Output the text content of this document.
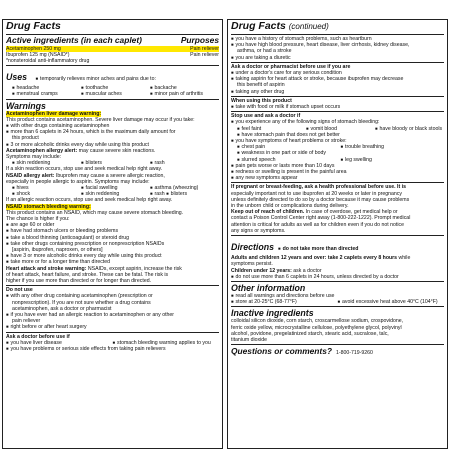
Drug Facts
Active ingredients (in each caplet)	Purposes
Acetaminophen 250 mg	Pain reliever
Ibuprofen 125 mg (NSAID*)	Pain reliever
*nonsteroidal anti-inflammatory drug
Uses ■ temporarily relieves minor aches and pains due to:
■ headache	■ toothache	■ backache
■ menstrual cramps	■ muscular aches	■ minor pain of arthritis
Warnings
Acetaminophen liver damage warning:
This product contains acetaminophen. Severe liver damage may occur if you take:
■ with other drugs containing acetaminophen
■ more than 6 caplets in 24 hours, which is the maximum daily amount for
this product
■ 3 or more alcoholic drinks every day while using this product
Acetaminophen allergy alert: may cause severe skin reactions.
Symptoms may include:
■ skin reddening	■ blisters	■ rash
If a skin reaction occurs, stop use and seek medical help right away.
NSAID allergy alert: Ibuprofen may cause a severe allergic reaction,
especially in people allergic to aspirin. Symptoms may include:
■ hives	■ facial swelling	■ asthma (wheezing)
■ shock	■ skin reddening	■ rash ■ blisters
If an allergic reaction occurs, stop use and seek medical help right away.
NSAID stomach bleeding warning:
This product contains an NSAID, which may cause severe stomach bleeding.
The chance is higher if you:
■ are age 60 or older
■ have had stomach ulcers or bleeding problems
■ take a blood thinning (anticoagulant) or steroid drug
■ take other drugs containing prescription or nonprescription NSAIDs
[aspirin, ibuprofen, naproxen, or others]
■ have 3 or more alcoholic drinks every day while using this product
■ take more or for a longer time than directed
Heart attack and stroke warning: NSAIDs, except aspirin, increase the risk
of heart attack, heart failure, and stroke. These can be fatal. The risk is
higher if you use more than directed or for longer than directed.
Do not use
■ with any other drug containing acetaminophen (prescription or
nonprescription). If you are not sure whether a drug contains
acetaminophen, ask a doctor or pharmacist
■ if you have ever had an allergic reaction to acetaminophen or any other
pain reliever
■ right before or after heart surgery
Ask a doctor before use if
■ you have liver disease	■ stomach bleeding warning applies to you
■ you have problems or serious side effects from taking pain relievers
Drug Facts (continued)
■ you have a history of stomach problems, such as heartburn
■ you have high blood pressure, heart disease, liver cirrhosis, kidney disease,
asthma, or had a stroke
■ you are taking a diuretic
Ask a doctor or pharmacist before use if you are
■ under a doctor's care for any serious condition
■ taking aspirin for heart attack or stroke, because ibuprofen may decrease
this benefit of aspirin
■ taking any other drug
When using this product
■ take with food or milk if stomach upset occurs
Stop use and ask a doctor if
■ you experience any of the following signs of stomach bleeding:
■ feel faint	■ vomit blood	■ have bloody or black stools
■ have stomach pain that does not get better
■ you have symptoms of heart problems or stroke:
■ chest pain	■ trouble breathing
■ weakness in one part or side of body
■ slurred speech	■ leg swelling
■ pain gets worse or lasts more than 10 days
■ redness or swelling is present in the painful area
■ any new symptoms appear
If pregnant or breast-feeding, ask a health professional before use. It is
especially important not to use ibuprofen at 20 weeks or later in pregnancy
unless definitely directed to do so by a doctor because it may cause problems
in the unborn child or complications during delivery.
Keep out of reach of children. In case of overdose, get medical help or
contact a Poison Control Center right away (1-800-222-1222). Prompt medical
attention is critical for adults as well as for children even if you do not notice
any signs or symptoms.
Directions ■ do not take more than directed
Adults and children 12 years and over: take 2 caplets every 8 hours while
symptoms persist.
Children under 12 years: ask a doctor
■ do not use more than 6 caplets in 24 hours, unless directed by a doctor
Other information
■ read all warnings and directions before use
■ store at 20-25°C (68-77°F)	■ avoid excessive heat above 40°C (104°F)
Inactive ingredients
colloidal silicon dioxide, corn starch, croscarmellose sodium, crospovidone,
ferric oxide yellow, microcrystalline cellulose, polyethylene glycol, polyvinyl
alcohol, povidone, pregelatinized starch, stearic acid, sucralose, talc,
titanium dioxide
Questions or comments? 1-800-719-9260
